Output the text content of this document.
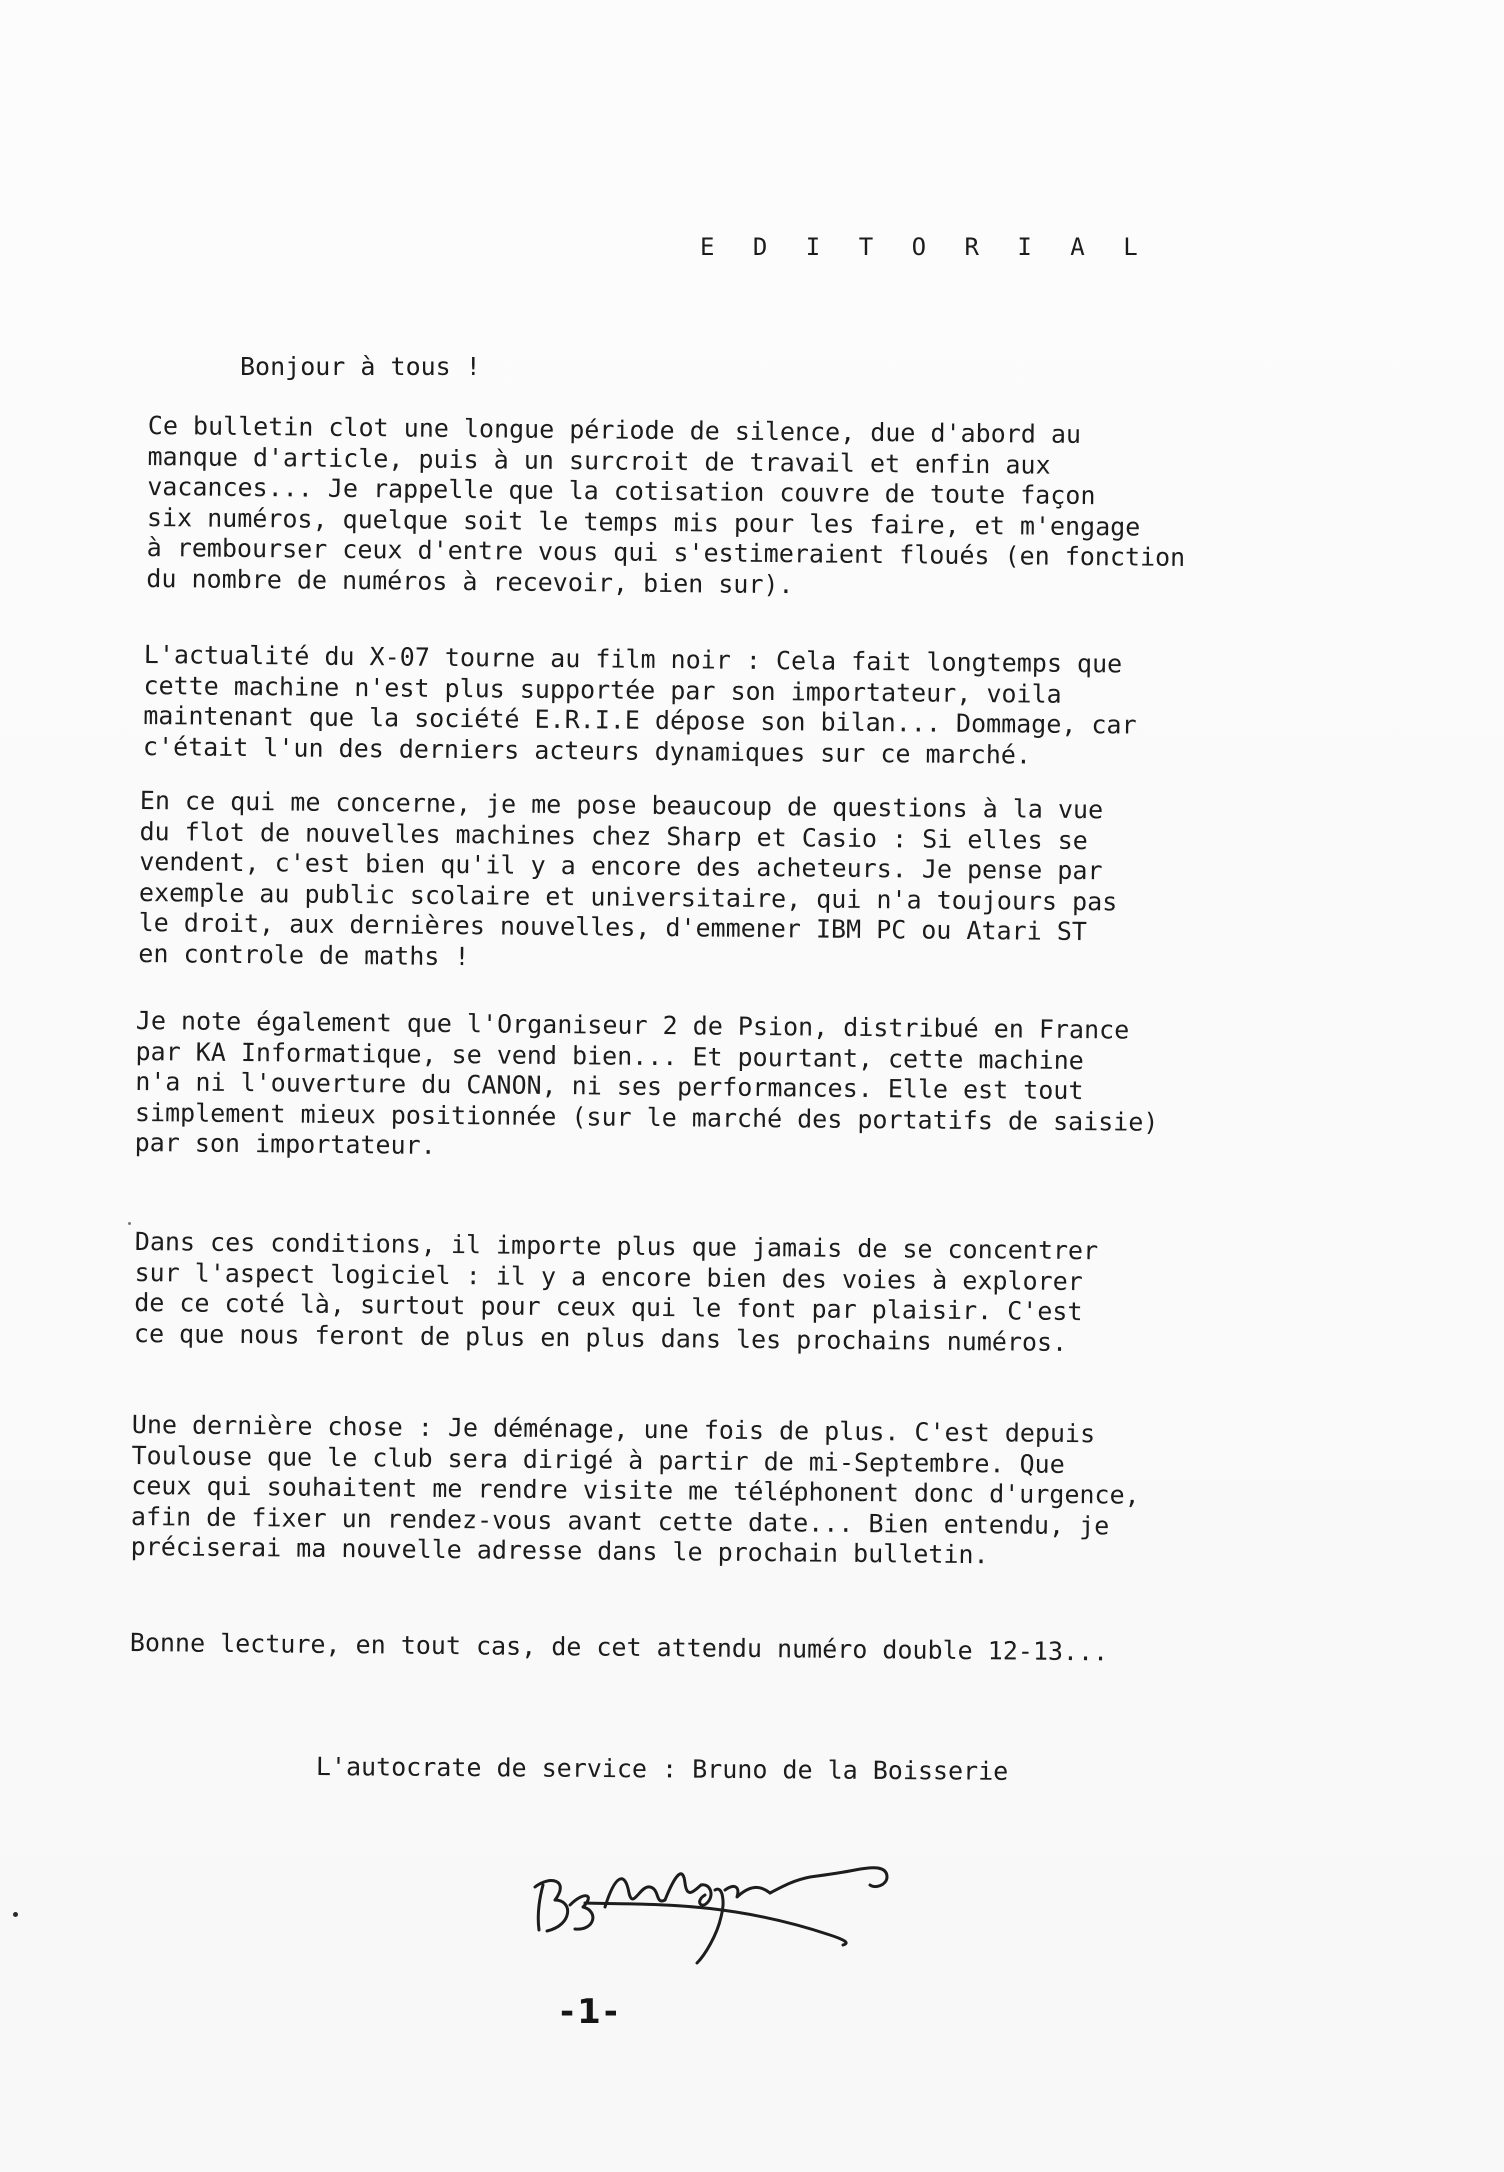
E D I T O R I A L
Bonjour à tous !
Ce bulletin clot une longue période de silence, due d'abord au
manque d'article, puis à un surcroit de travail et enfin aux
vacances... Je rappelle que la cotisation couvre de toute façon
six numéros, quelque soit le temps mis pour les faire, et m'engage
à rembourser ceux d'entre vous qui s'estimeraient floués (en fonction
du nombre de numéros à recevoir, bien sur).
L'actualité du X-07 tourne au film noir : Cela fait longtemps que
cette machine n'est plus supportée par son importateur, voila
maintenant que la société E.R.I.E dépose son bilan... Dommage, car
c'était l'un des derniers acteurs dynamiques sur ce marché.
En ce qui me concerne, je me pose beaucoup de questions à la vue
du flot de nouvelles machines chez Sharp et Casio : Si elles se
vendent, c'est bien qu'il y a encore des acheteurs. Je pense par
exemple au public scolaire et universitaire, qui n'a toujours pas
le droit, aux dernières nouvelles, d'emmener IBM PC ou Atari ST
en controle de maths !
Je note également que l'Organiseur 2 de Psion, distribué en France
par KA Informatique, se vend bien... Et pourtant, cette machine
n'a ni l'ouverture du CANON, ni ses performances. Elle est tout
simplement mieux positionnée (sur le marché des portatifs de saisie)
par son importateur.
Dans ces conditions, il importe plus que jamais de se concentrer
sur l'aspect logiciel : il y a encore bien des voies à explorer
de ce coté là, surtout pour ceux qui le font par plaisir. C'est
ce que nous feront de plus en plus dans les prochains numéros.
Une dernière chose : Je déménage, une fois de plus. C'est depuis
Toulouse que le club sera dirigé à partir de mi-Septembre. Que
ceux qui souhaitent me rendre visite me téléphonent donc d'urgence,
afin de fixer un rendez-vous avant cette date... Bien entendu, je
préciserai ma nouvelle adresse dans le prochain bulletin.
Bonne lecture, en tout cas, de cet attendu numéro double 12-13...
L'autocrate de service : Bruno de la Boisserie
-1-
